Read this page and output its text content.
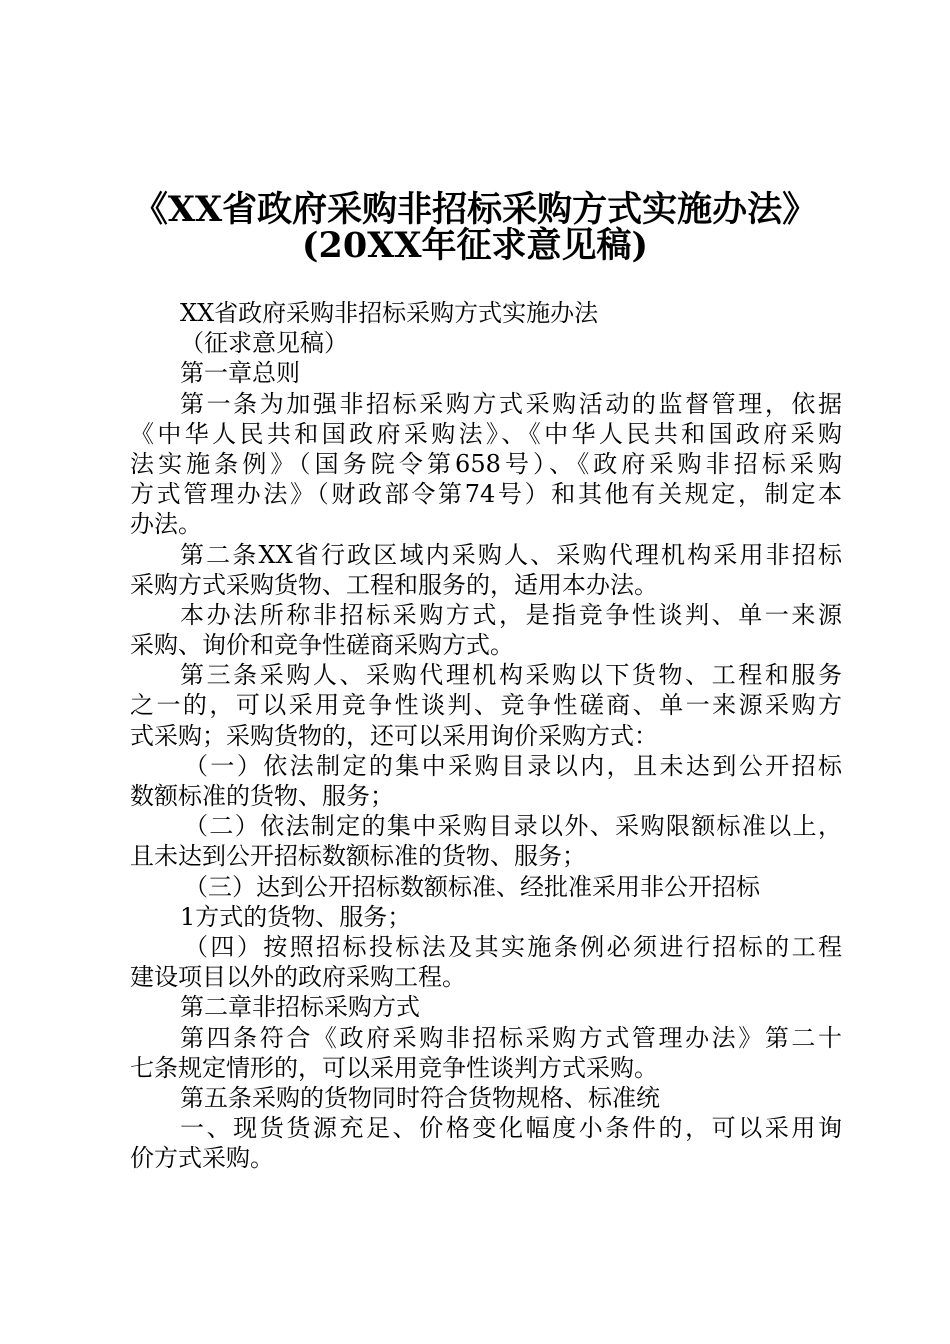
《XX省政府采购非招标采购方式实施办法》
(20XX年征求意见稿)
XX省政府采购非招标采购方式实施办法
（征求意见稿）
第一章总则
第一条为加强非招标采购方式采购活动的监督管理，依据
《中华人民共和国政府采购法》、《中华人民共和国政府采购
法实施条例》（国务院令第658号）、《政府采购非招标采购
方式管理办法》（财政部令第74号）和其他有关规定，制定本
办法。
第二条XX省行政区域内采购人、采购代理机构采用非招标
采购方式采购货物、工程和服务的，适用本办法。
本办法所称非招标采购方式，是指竞争性谈判、单一来源
采购、询价和竞争性磋商采购方式。
第三条采购人、采购代理机构采购以下货物、工程和服务
之一的，可以采用竞争性谈判、竞争性磋商、单一来源采购方
式采购；采购货物的，还可以采用询价采购方式：
（一）依法制定的集中采购目录以内，且未达到公开招标
数额标准的货物、服务；
（二）依法制定的集中采购目录以外、采购限额标准以上，
且未达到公开招标数额标准的货物、服务；
（三）达到公开招标数额标准、经批准采用非公开招标
1方式的货物、服务；
（四）按照招标投标法及其实施条例必须进行招标的工程
建设项目以外的政府采购工程。
第二章非招标采购方式
第四条符合《政府采购非招标采购方式管理办法》第二十
七条规定情形的，可以采用竞争性谈判方式采购。
第五条采购的货物同时符合货物规格、标准统
一、现货货源充足、价格变化幅度小条件的，可以采用询
价方式采购。
